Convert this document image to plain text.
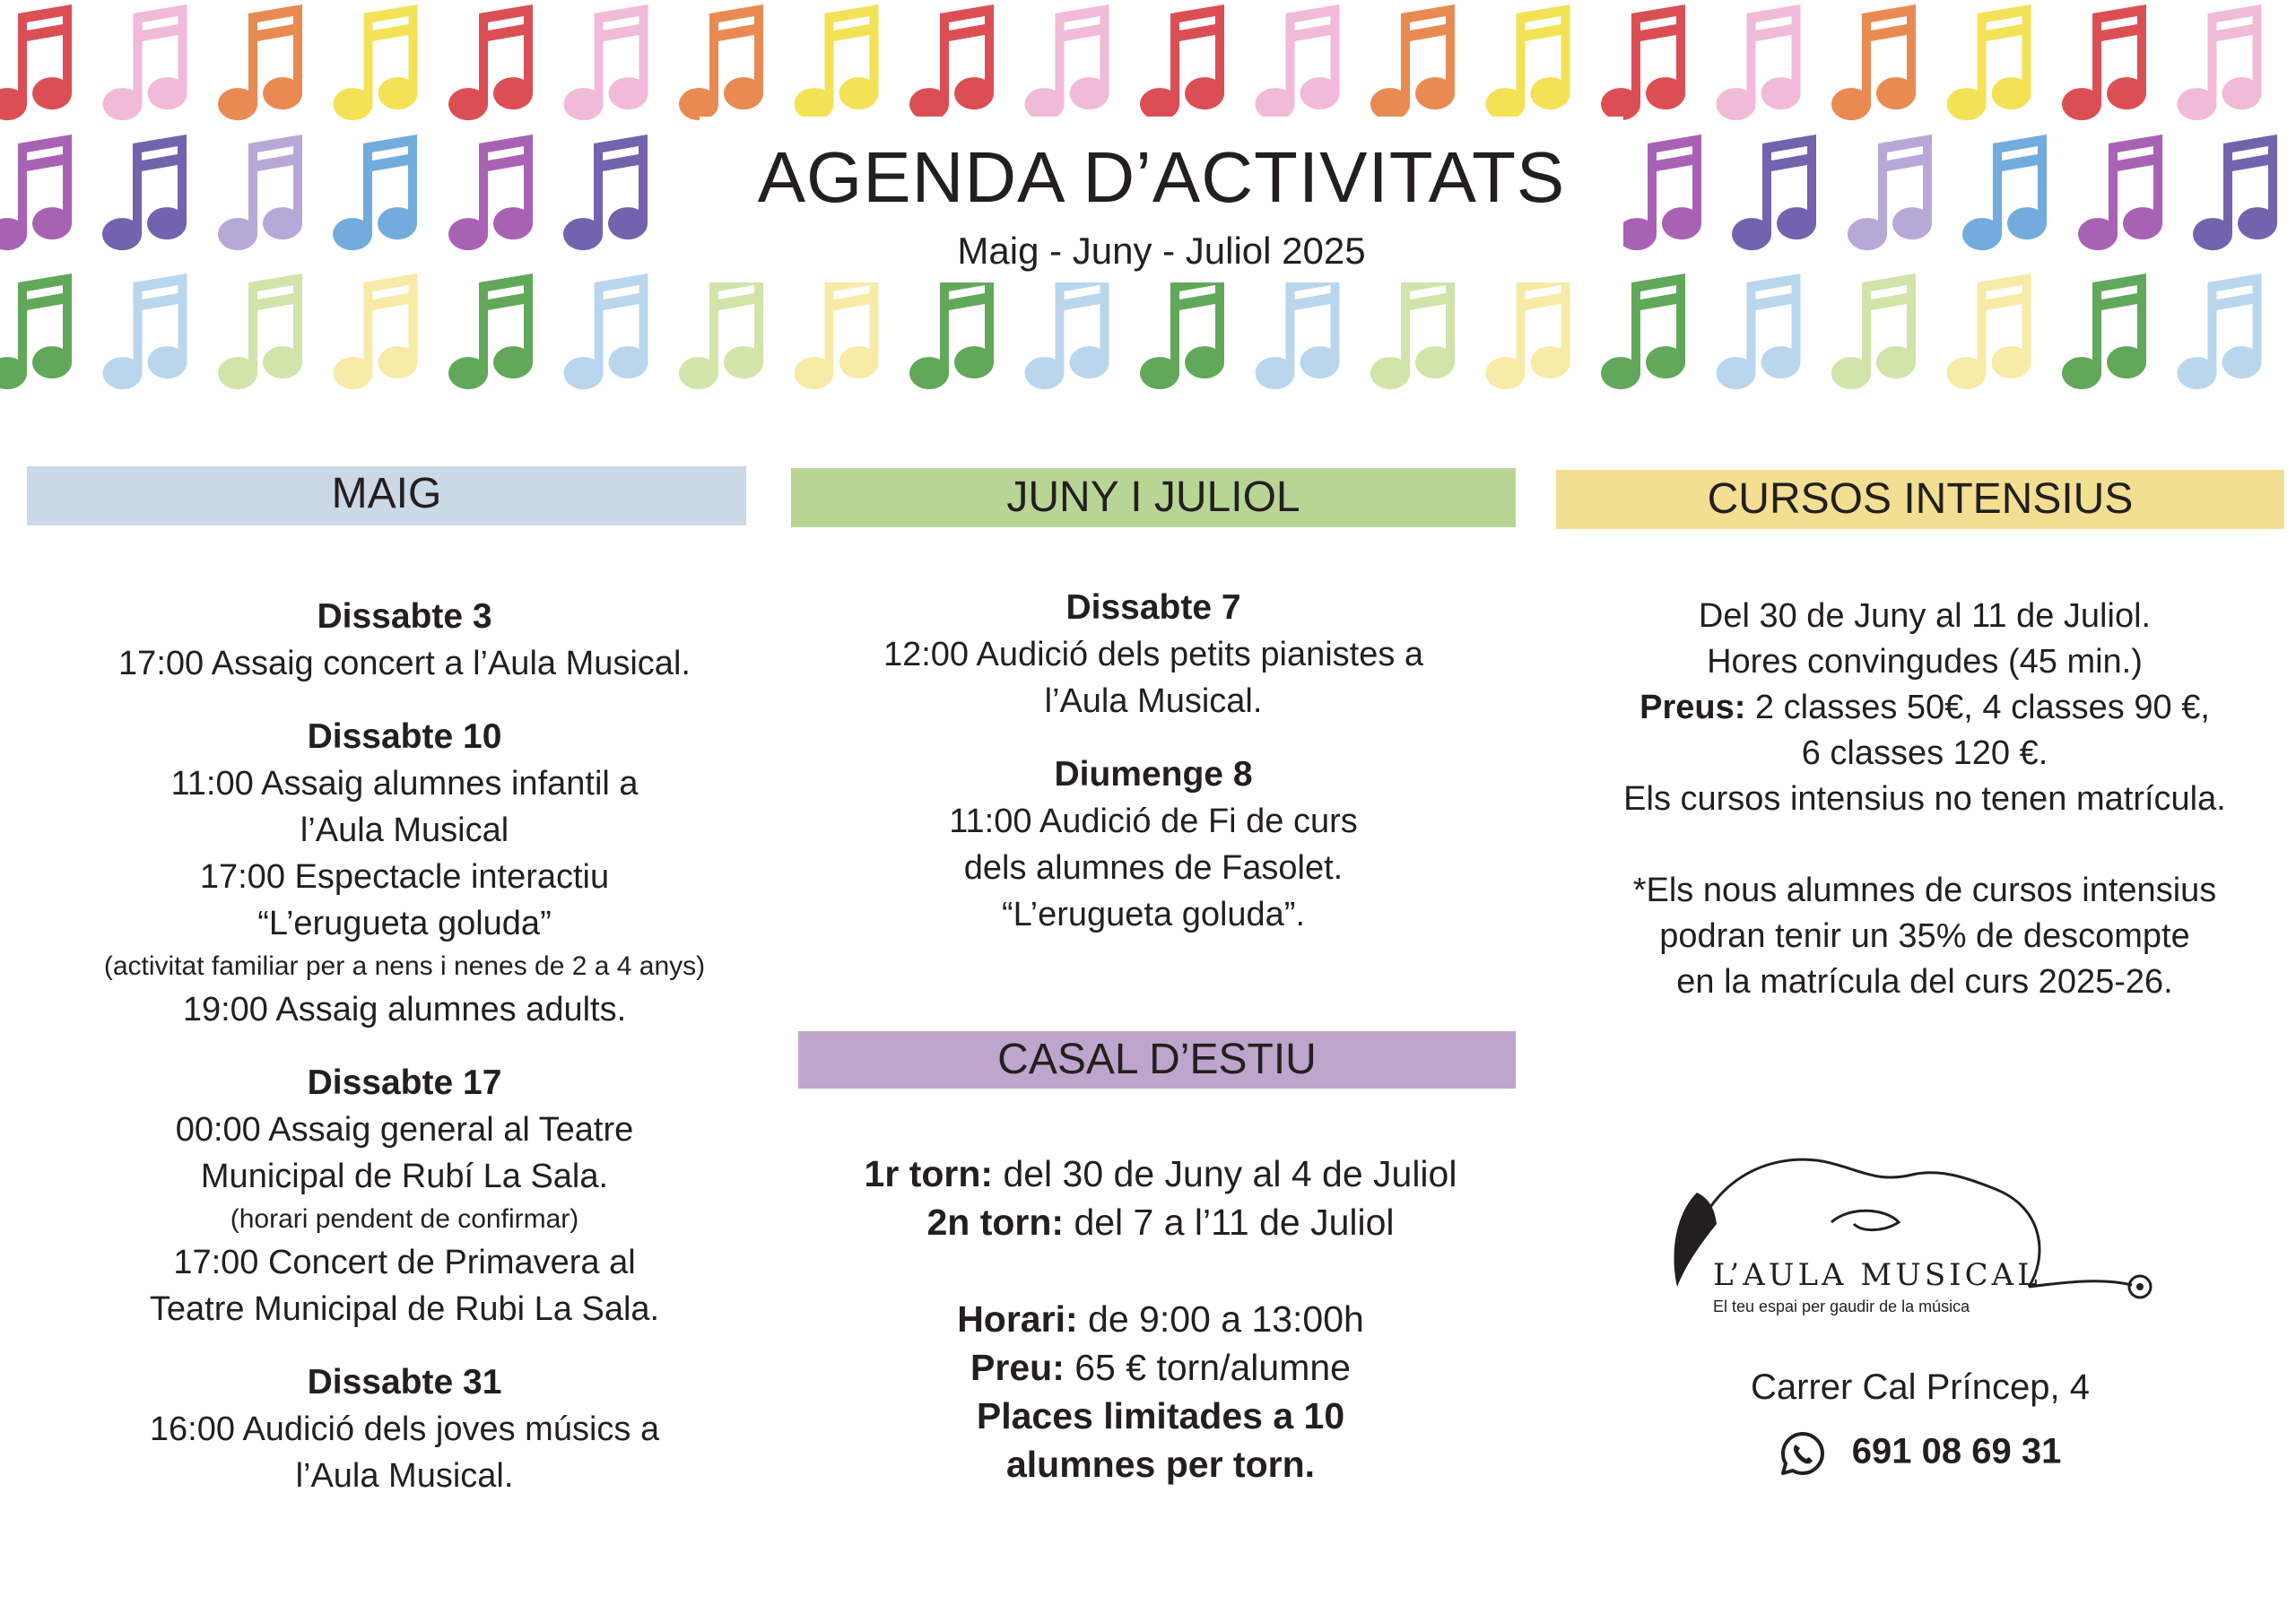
AGENDA D’ACTIVITATS
Maig - Juny - Juliol 2025
MAIG	JUNY I JULIOL	CURSOS INTENSIUS
CASAL D’ESTIU
Dissabte 3
17:00 Assaig concert a l’Aula Musical.
Dissabte 10
11:00 Assaig alumnes infantil a
l’Aula Musical
17:00 Espectacle interactiu
“L’erugueta goluda”
(activitat familiar per a nens i nenes de 2 a 4 anys)
19:00 Assaig alumnes adults.
Dissabte 17
00:00 Assaig general al Teatre
Municipal de Rubí La Sala.
(horari pendent de confirmar)
17:00 Concert de Primavera al
Teatre Municipal de Rubi La Sala.
Dissabte 31
16:00 Audició dels joves músics a
l’Aula Musical.
Dissabte 7
12:00 Audició dels petits pianistes a
l’Aula Musical.
Diumenge 8
11:00 Audició de Fi de curs
dels alumnes de Fasolet.
“L’erugueta goluda”.
1r torn: del 30 de Juny al 4 de Juliol
2n torn: del 7 a l’11 de Juliol

Horari: de 9:00 a 13:00h
Preu: 65 € torn/alumne
Places limitades a 10
alumnes per torn.
Del 30 de Juny al 11 de Juliol.
Hores convingudes (45 min.)
Preus: 2 classes 50€, 4 classes 90 €,
6 classes 120 €.
Els cursos intensius no tenen matrícula.

*Els nous alumnes de cursos intensius
podran tenir un 35% de descompte
en la matrícula del curs 2025-26.
L’AULA MUSICAL
El teu espai per gaudir de la música
Carrer Cal Príncep, 4
691 08 69 31
